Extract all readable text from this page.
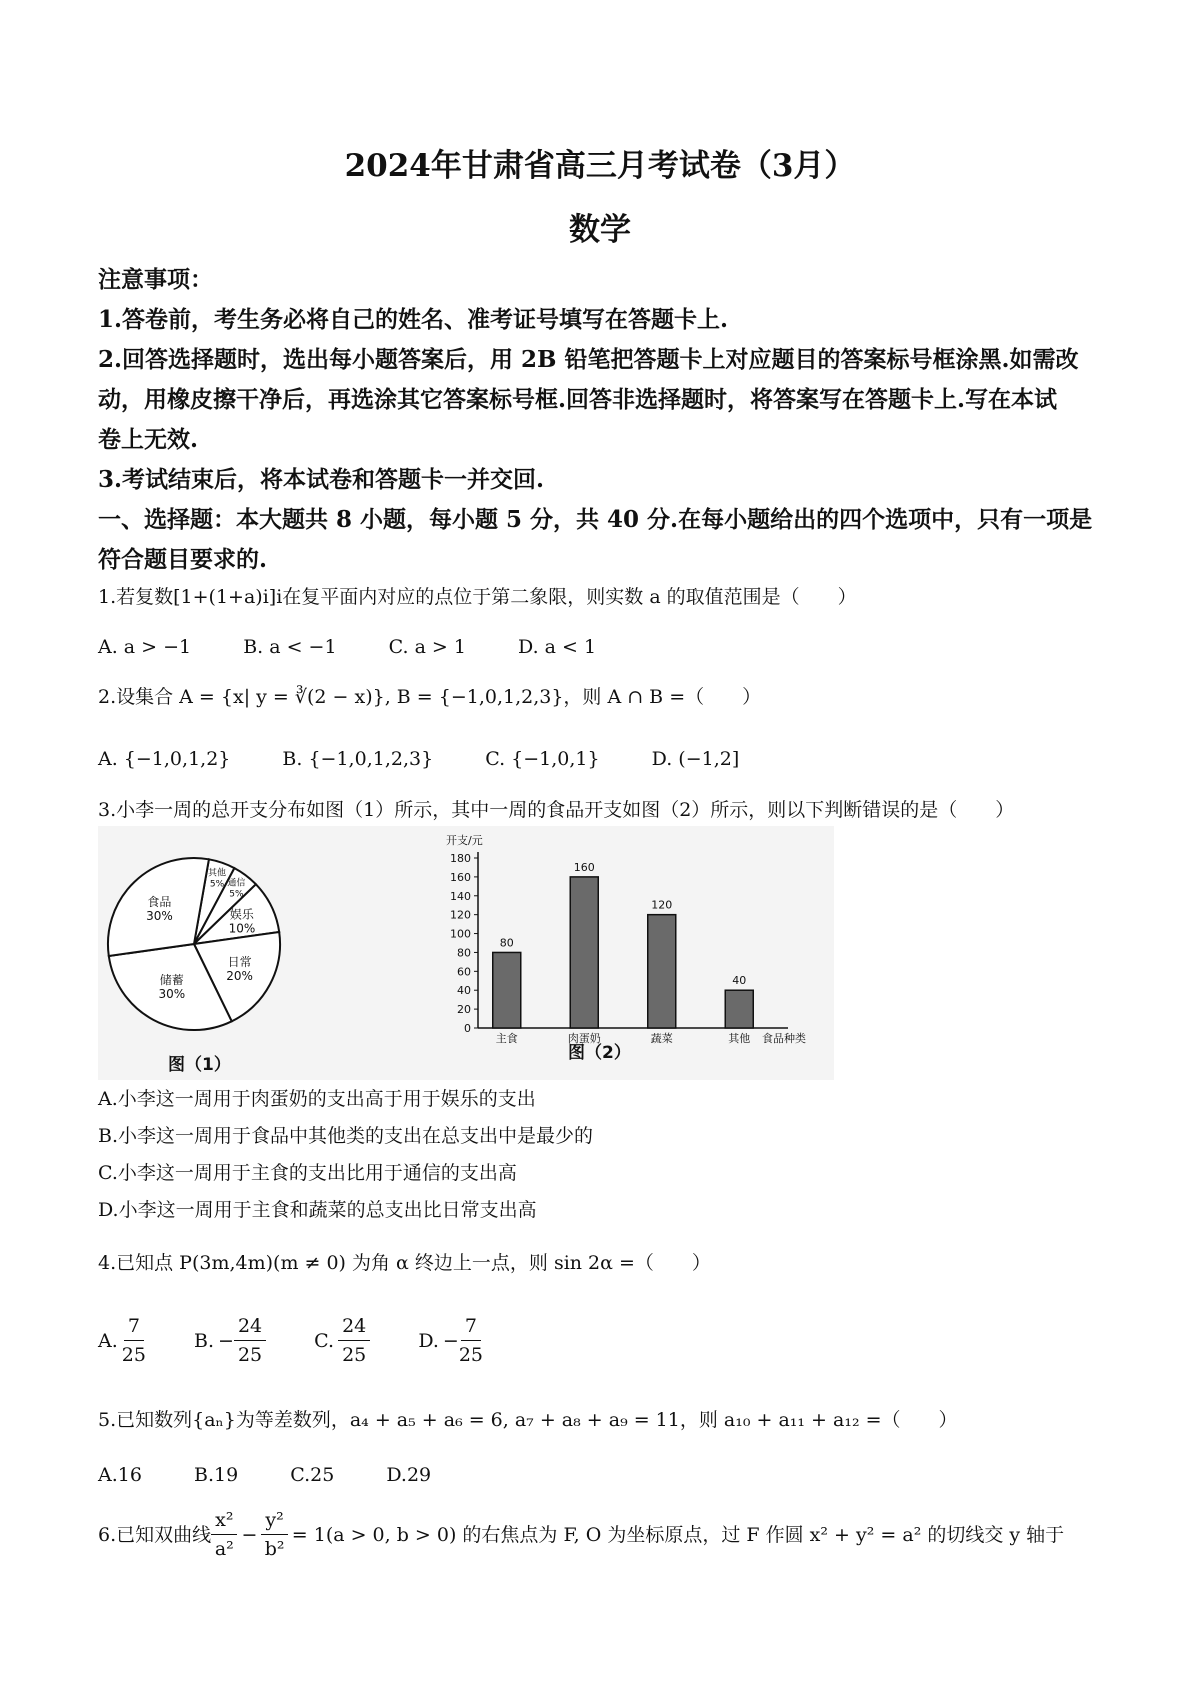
2024年甘肃省高三月考试卷（3月）
数学
注意事项：
1.答卷前，考生务必将自己的姓名、准考证号填写在答题卡上.
2.回答选择题时，选出每小题答案后，用 2B 铅笔把答题卡上对应题目的答案标号框涂黑.如需改
动，用橡皮擦干净后，再选涂其它答案标号框.回答非选择题时，将答案写在答题卡上.写在本试
卷上无效.
3.考试结束后，将本试卷和答题卡一并交回.
一、选择题：本大题共 8 小题，每小题 5 分，共 40 分.在每小题给出的四个选项中，只有一项是
符合题目要求的.
1.若复数[1+(1+a)i]i在复平面内对应的点位于第二象限，则实数 a 的取值范围是（　　）
A. a > −1	B. a < −1	C. a > 1	D. a < 1
2.设集合 A = {x| y = ∛(2 − x)}, B = {−1,0,1,2,3}，则 A ∩ B =（　　）
A. {−1,0,1,2}	B. {−1,0,1,2,3}	C. {−1,0,1}	D. (−1,2]
3.小李一周的总开支分布如图（1）所示，其中一周的食品开支如图（2）所示，则以下判断错误的是（　　）
其他
5% 通信
5%
娱乐
10%
日常
20%
储蓄
30%
食品
30%
图（1）
开支/元
0
20
40
60
80
100
120
140
160
180
80
主食
160
肉蛋奶
120
蔬菜
40
其他 食品种类
图（2）
A.小李这一周用于肉蛋奶的支出高于用于娱乐的支出
B.小李这一周用于食品中其他类的支出在总支出中是最少的
C.小李这一周用于主食的支出比用于通信的支出高
D.小李这一周用于主食和蔬菜的总支出比日常支出高
4.已知点 P(3m,4m)(m ≠ 0) 为角 α 终边上一点，则 sin 2α =（　　）
A. $\frac{7}{25}$
	B. − $\frac{24}{25}$
	C. $\frac{24}{25}$
	D. − $\frac{7}{25}$
5.已知数列{aₙ}为等差数列，a₄ + a₅ + a₆ = 6, a₇ + a₈ + a₉ = 11，则 a₁₀ + a₁₁ + a₁₂ =（　　）
A.16	B.19	C.25	D.29
6.已知双曲线 $\frac{\text{x²}}{\text{a²}} - \frac{\text{y²}}{\text{b²}} = 1(a > 0$, b > 0) 的右焦点为 F, O 为坐标原点，过 F 作圆 x² + y² = a² 的切线交 y 轴于
